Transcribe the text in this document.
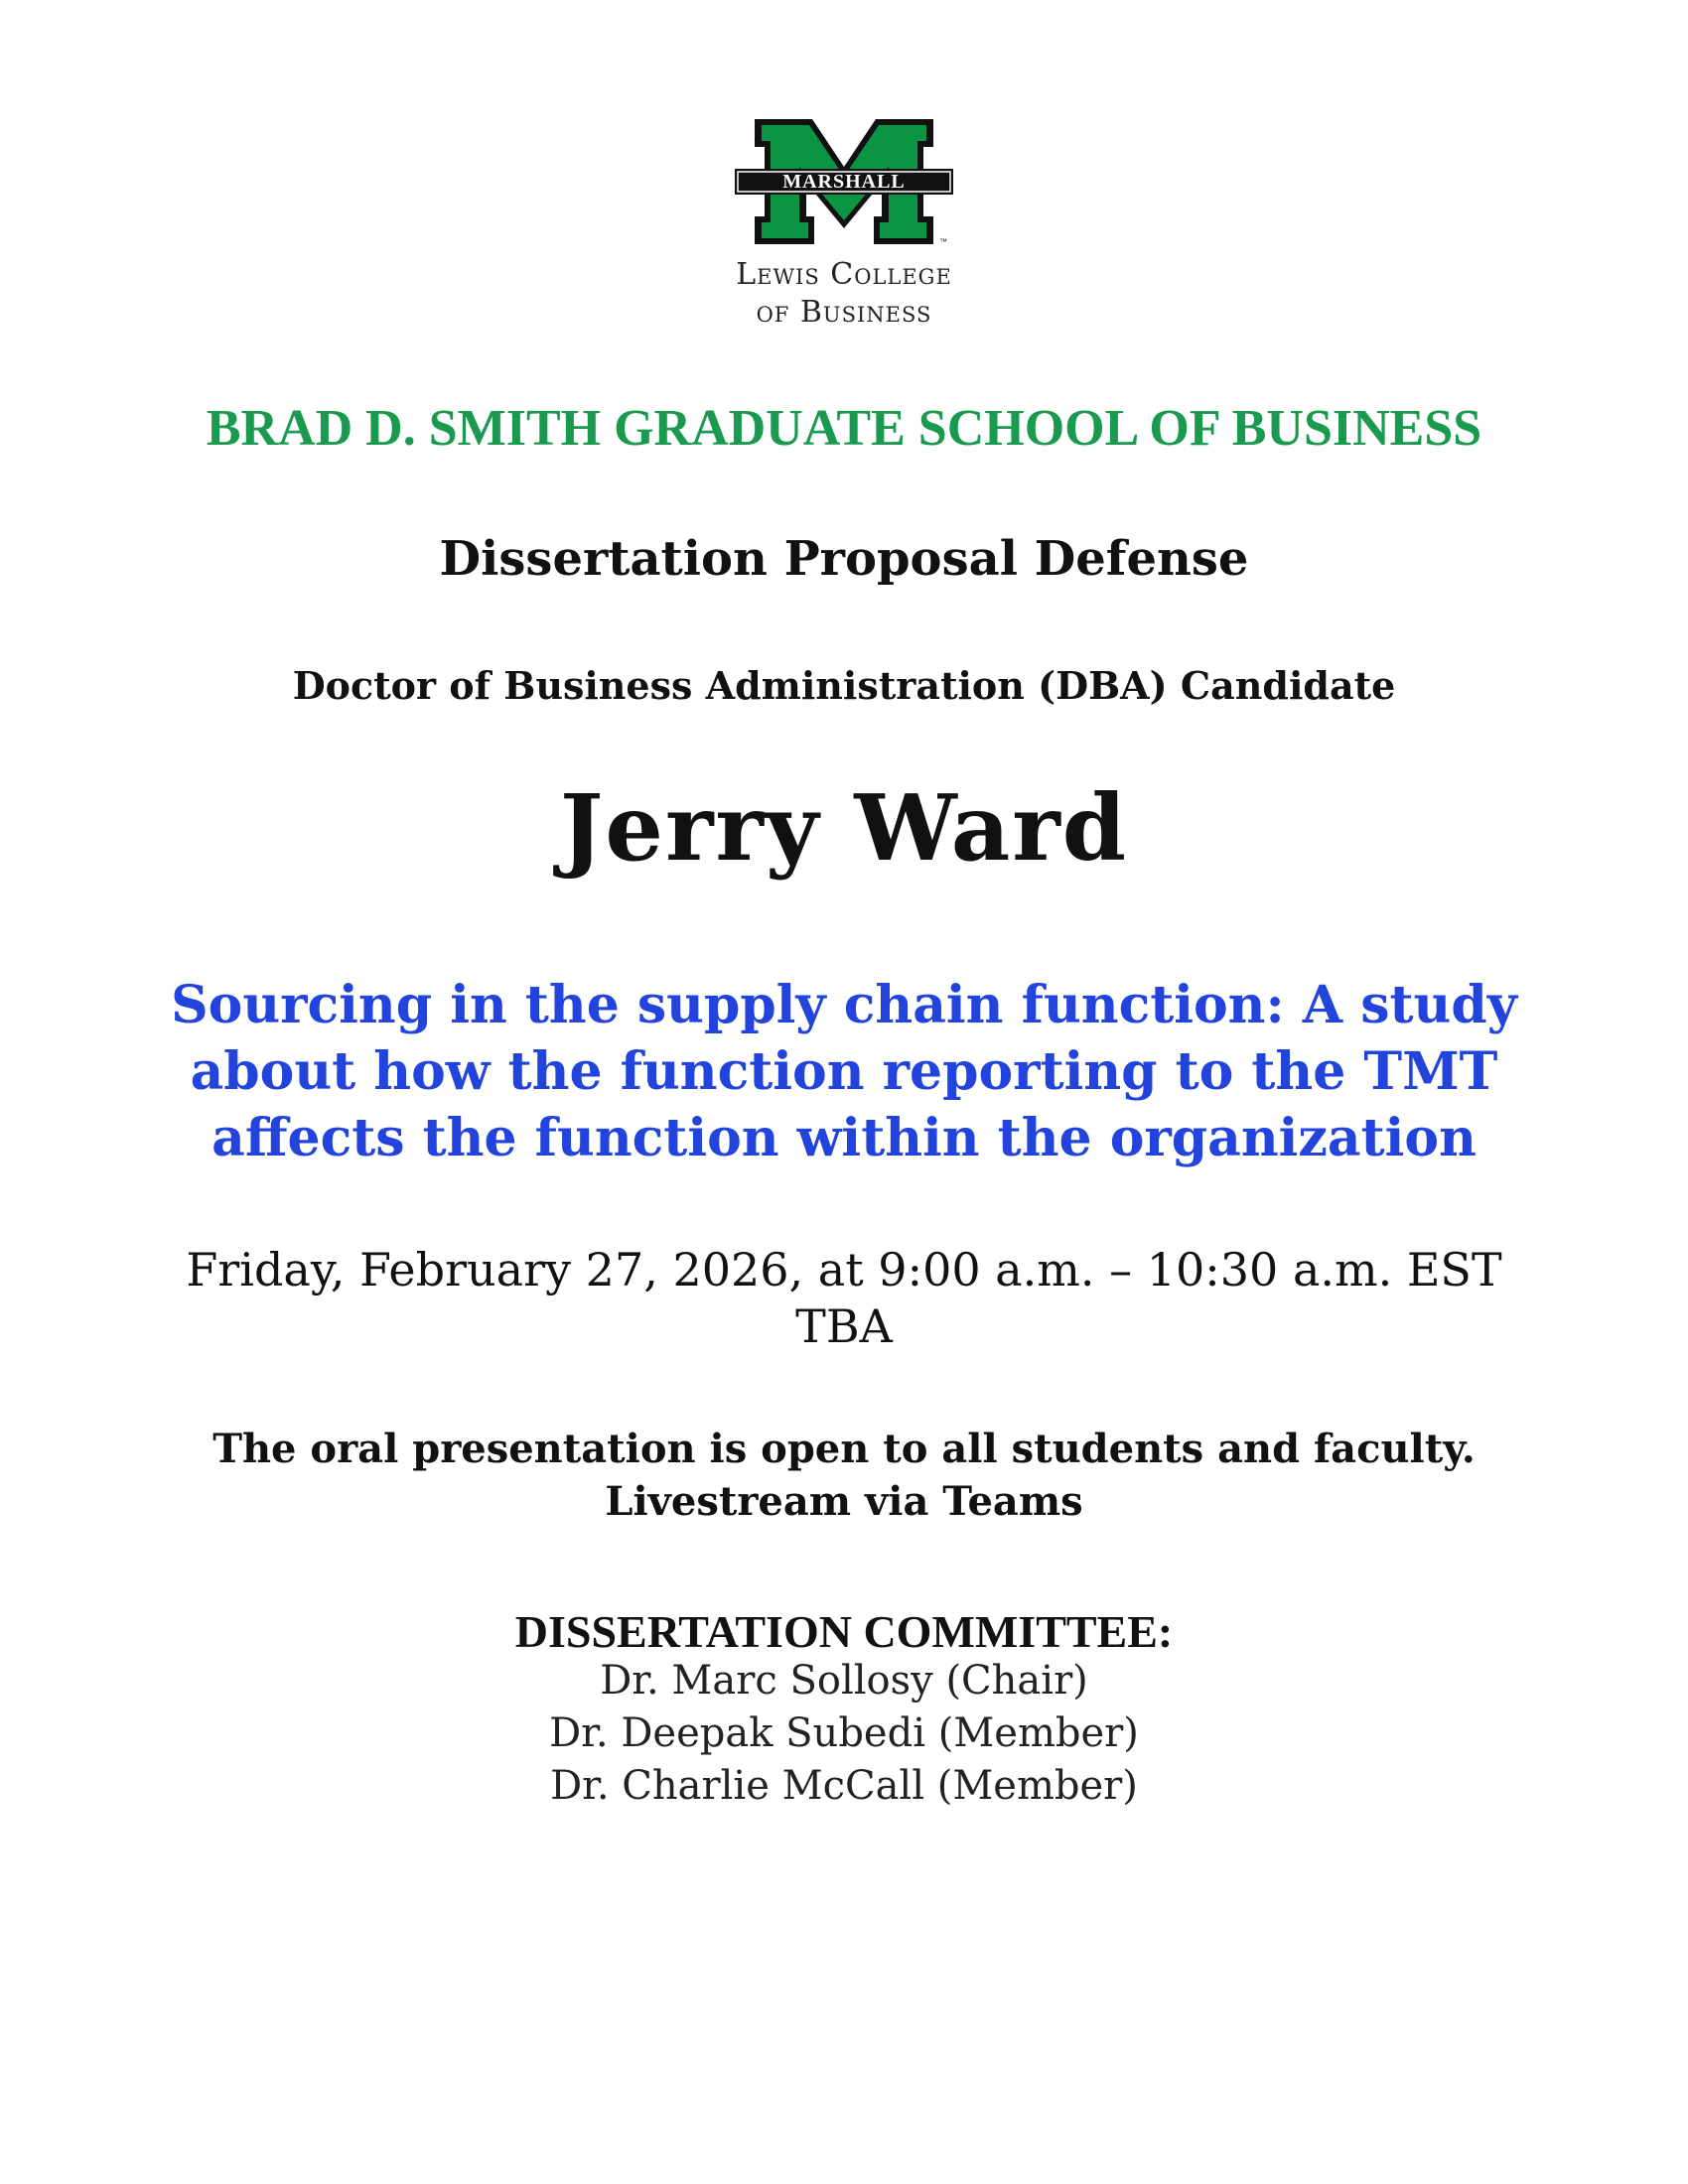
MARSHALL
™
Lewis College
of Business
BRAD D. SMITH GRADUATE SCHOOL OF BUSINESS
Dissertation Proposal Defense
Doctor of Business Administration (DBA) Candidate
Jerry Ward
Sourcing in the supply chain function: A study
about how the function reporting to the TMT
affects the function within the organization
Friday, February 27, 2026, at 9:00 a.m. – 10:30 a.m. EST
TBA
The oral presentation is open to all students and faculty.
Livestream via Teams
DISSERTATION COMMITTEE:
Dr. Marc Sollosy (Chair)
Dr. Deepak Subedi (Member)
Dr. Charlie McCall (Member)
